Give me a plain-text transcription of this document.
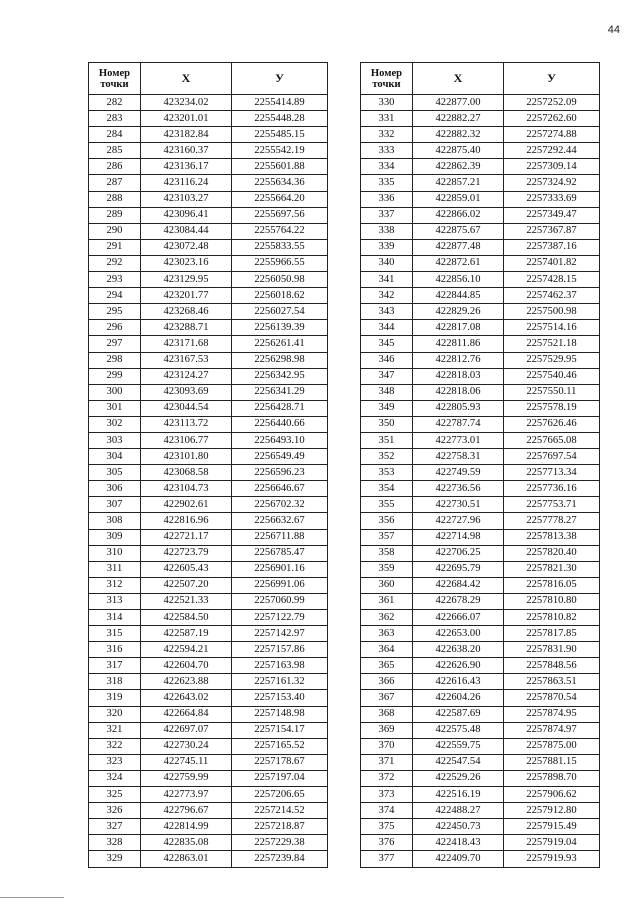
44
Номер
точки	X	У
282	423234.02	2255414.89
283	423201.01	2255448.28
284	423182.84	2255485.15
285	423160.37	2255542.19
286	423136.17	2255601.88
287	423116.24	2255634.36
288	423103.27	2255664.20
289	423096.41	2255697.56
290	423084.44	2255764.22
291	423072.48	2255833.55
292	423023.16	2255966.55
293	423129.95	2256050.98
294	423201.77	2256018.62
295	423268.46	2256027.54
296	423288.71	2256139.39
297	423171.68	2256261.41
298	423167.53	2256298.98
299	423124.27	2256342.95
300	423093.69	2256341.29
301	423044.54	2256428.71
302	423113.72	2256440.66
303	423106.77	2256493.10
304	423101.80	2256549.49
305	423068.58	2256596.23
306	423104.73	2256646.67
307	422902.61	2256702.32
308	422816.96	2256632.67
309	422721.17	2256711.88
310	422723.79	2256785.47
311	422605.43	2256901.16
312	422507.20	2256991.06
313	422521.33	2257060.99
314	422584.50	2257122.79
315	422587.19	2257142.97
316	422594.21	2257157.86
317	422604.70	2257163.98
318	422623.88	2257161.32
319	422643.02	2257153.40
320	422664.84	2257148.98
321	422697.07	2257154.17
322	422730.24	2257165.52
323	422745.11	2257178.67
324	422759.99	2257197.04
325	422773.97	2257206.65
326	422796.67	2257214.52
327	422814.99	2257218.87
328	422835.08	2257229.38
329	422863.01	2257239.84
Номер
точки	X	У
330	422877.00	2257252.09
331	422882.27	2257262.60
332	422882.32	2257274.88
333	422875.40	2257292.44
334	422862.39	2257309.14
335	422857.21	2257324.92
336	422859.01	2257333.69
337	422866.02	2257349.47
338	422875.67	2257367.87
339	422877.48	2257387.16
340	422872.61	2257401.82
341	422856.10	2257428.15
342	422844.85	2257462.37
343	422829.26	2257500.98
344	422817.08	2257514.16
345	422811.86	2257521.18
346	422812.76	2257529.95
347	422818.03	2257540.46
348	422818.06	2257550.11
349	422805.93	2257578.19
350	422787.74	2257626.46
351	422773.01	2257665.08
352	422758.31	2257697.54
353	422749.59	2257713.34
354	422736.56	2257736.16
355	422730.51	2257753.71
356	422727.96	2257778.27
357	422714.98	2257813.38
358	422706.25	2257820.40
359	422695.79	2257821.30
360	422684.42	2257816.05
361	422678.29	2257810.80
362	422666.07	2257810.82
363	422653.00	2257817.85
364	422638.20	2257831.90
365	422626.90	2257848.56
366	422616.43	2257863.51
367	422604.26	2257870.54
368	422587.69	2257874.95
369	422575.48	2257874.97
370	422559.75	2257875.00
371	422547.54	2257881.15
372	422529.26	2257898.70
373	422516.19	2257906.62
374	422488.27	2257912.80
375	422450.73	2257915.49
376	422418.43	2257919.04
377	422409.70	2257919.93
